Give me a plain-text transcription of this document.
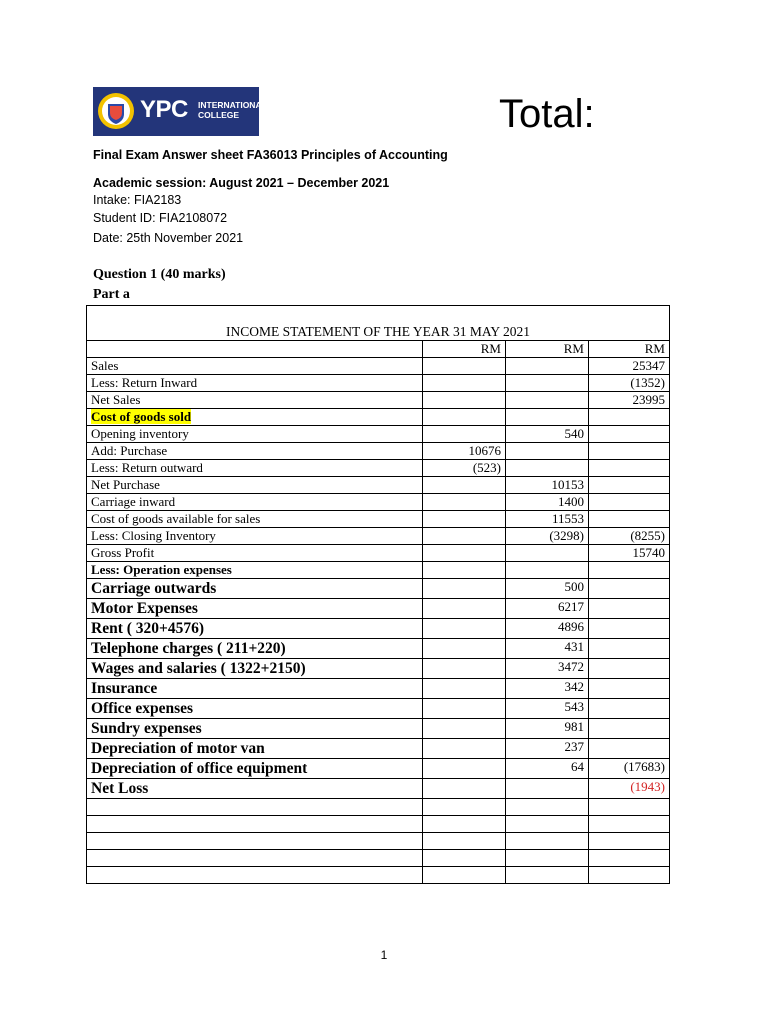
YPC INTERNATIONAL
COLLEGE	Total:
Final Exam Answer sheet FA36013 Principles of Accounting
Academic session: August 2021 – December 2021
Intake: FIA2183
Student ID: FIA2108072
Date: 25th November 2021
Question 1 (40 marks)
Part a
INCOME STATEMENT OF THE YEAR 31 MAY 2021			
	RM	RM	RM
Sales			25347
Less: Return Inward			(1352)
Net Sales			23995
Cost of goods sold			
Opening inventory		540	
Add: Purchase	10676		
Less: Return outward	(523)		
Net Purchase		10153	
Carriage inward		1400	
Cost of goods available for sales		11553	
Less: Closing Inventory		(3298)	(8255)
Gross Profit			15740
Less: Operation expenses			
Carriage outwards		500	
Motor Expenses		6217	
Rent ( 320+4576)		4896	
Telephone charges ( 211+220)		431	
Wages and salaries ( 1322+2150)		3472	
Insurance		342	
Office expenses		543	
Sundry expenses		981	
Depreciation of motor van		237	
Depreciation of office equipment		64	(17683)
Net Loss			(1943)

1
